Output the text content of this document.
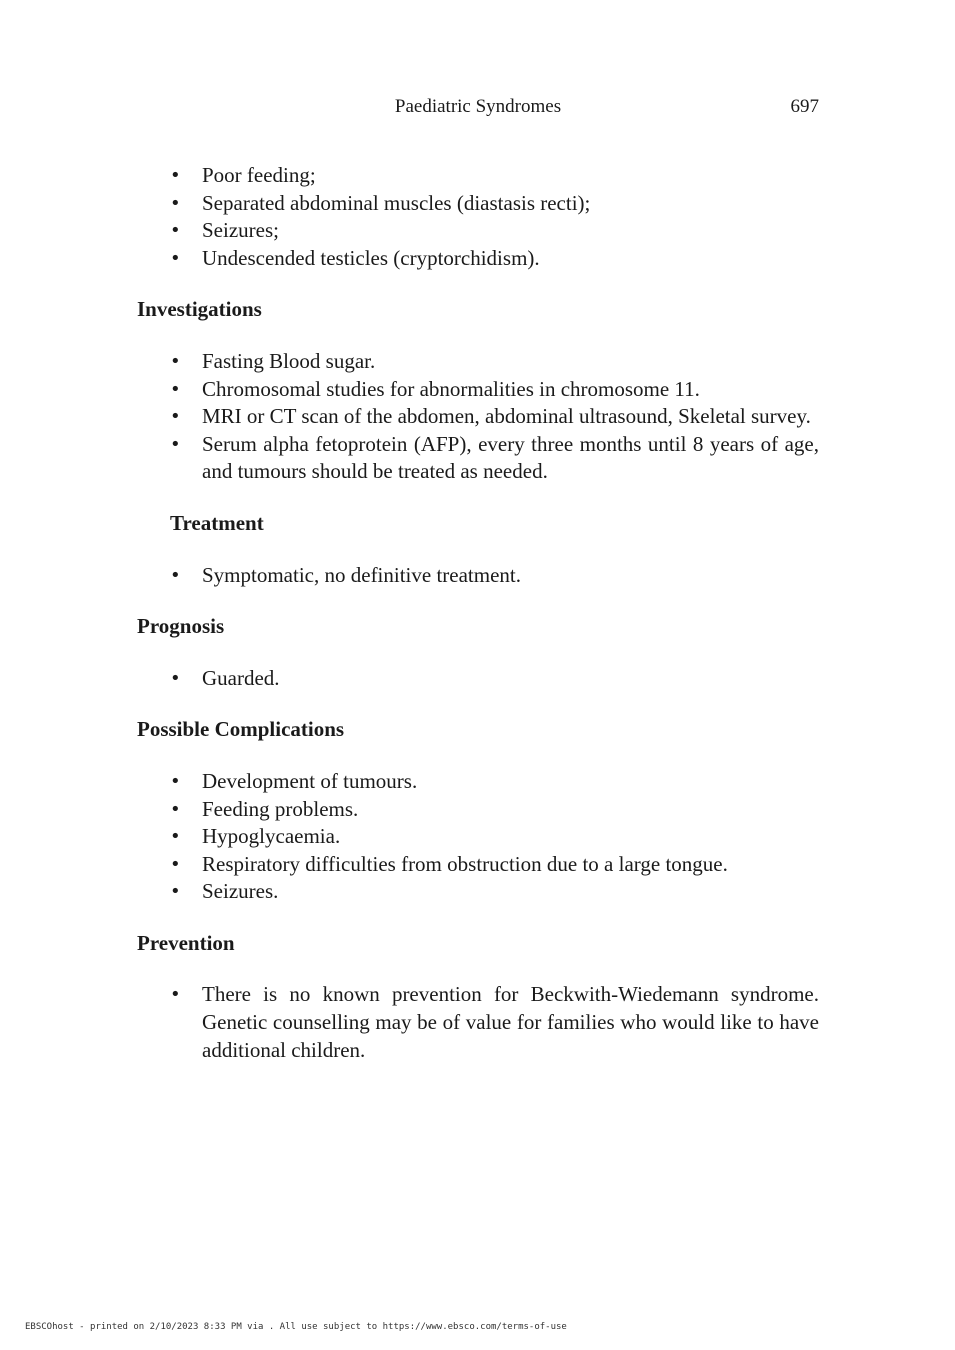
Paediatric Syndromes	697
• Poor feeding;
• Separated abdominal muscles (diastasis recti);
• Seizures;
• Undescended testicles (cryptorchidism).
Investigations
• Fasting Blood sugar.
• Chromosomal studies for abnormalities in chromosome 11.
• MRI or CT scan of the abdomen, abdominal ultrasound, Skeletal survey.
• Serum alpha fetoprotein (AFP), every three months until 8 years of age, and tumours should be treated as needed.
Treatment
• Symptomatic, no definitive treatment.
Prognosis
• Guarded.
Possible Complications
• Development of tumours.
• Feeding problems.
• Hypoglycaemia.
• Respiratory difficulties from obstruction due to a large tongue.
• Seizures.
Prevention
• There is no known prevention for Beckwith-Wiedemann syndrome. Genetic counselling may be of value for families who would like to have additional children.
EBSCOhost - printed on 2/10/2023 8:33 PM via . All use subject to https://www.ebsco.com/terms-of-use
